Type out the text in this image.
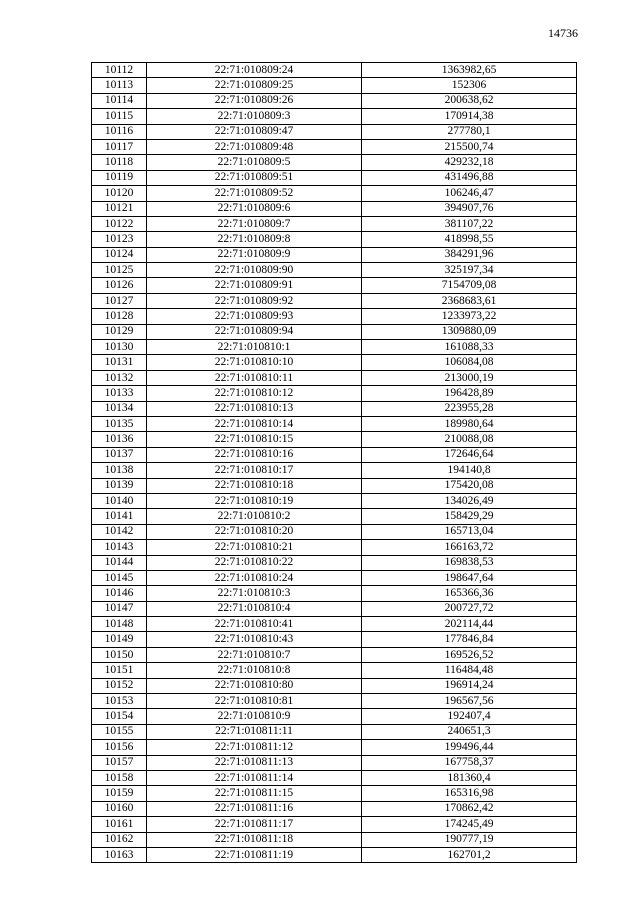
14736
10112	22:71:010809:24	1363982,65
10113	22:71:010809:25	152306
10114	22:71:010809:26	200638,62
10115	22:71:010809:3	170914,38
10116	22:71:010809:47	277780,1
10117	22:71:010809:48	215500,74
10118	22:71:010809:5	429232,18
10119	22:71:010809:51	431496,88
10120	22:71:010809:52	106246,47
10121	22:71:010809:6	394907,76
10122	22:71:010809:7	381107,22
10123	22:71:010809:8	418998,55
10124	22:71:010809:9	384291,96
10125	22:71:010809:90	325197,34
10126	22:71:010809:91	7154709,08
10127	22:71:010809:92	2368683,61
10128	22:71:010809:93	1233973,22
10129	22:71:010809:94	1309880,09
10130	22:71:010810:1	161088,33
10131	22:71:010810:10	106084,08
10132	22:71:010810:11	213000,19
10133	22:71:010810:12	196428,89
10134	22:71:010810:13	223955,28
10135	22:71:010810:14	189980,64
10136	22:71:010810:15	210088,08
10137	22:71:010810:16	172646,64
10138	22:71:010810:17	194140,8
10139	22:71:010810:18	175420,08
10140	22:71:010810:19	134026,49
10141	22:71:010810:2	158429,29
10142	22:71:010810:20	165713,04
10143	22:71:010810:21	166163,72
10144	22:71:010810:22	169838,53
10145	22:71:010810:24	198647,64
10146	22:71:010810:3	165366,36
10147	22:71:010810:4	200727,72
10148	22:71:010810:41	202114,44
10149	22:71:010810:43	177846,84
10150	22:71:010810:7	169526,52
10151	22:71:010810:8	116484,48
10152	22:71:010810:80	196914,24
10153	22:71:010810:81	196567,56
10154	22:71:010810:9	192407,4
10155	22:71:010811:11	240651,3
10156	22:71:010811:12	199496,44
10157	22:71:010811:13	167758,37
10158	22:71:010811:14	181360,4
10159	22:71:010811:15	165316,98
10160	22:71:010811:16	170862,42
10161	22:71:010811:17	174245,49
10162	22:71:010811:18	190777,19
10163	22:71:010811:19	162701,2
